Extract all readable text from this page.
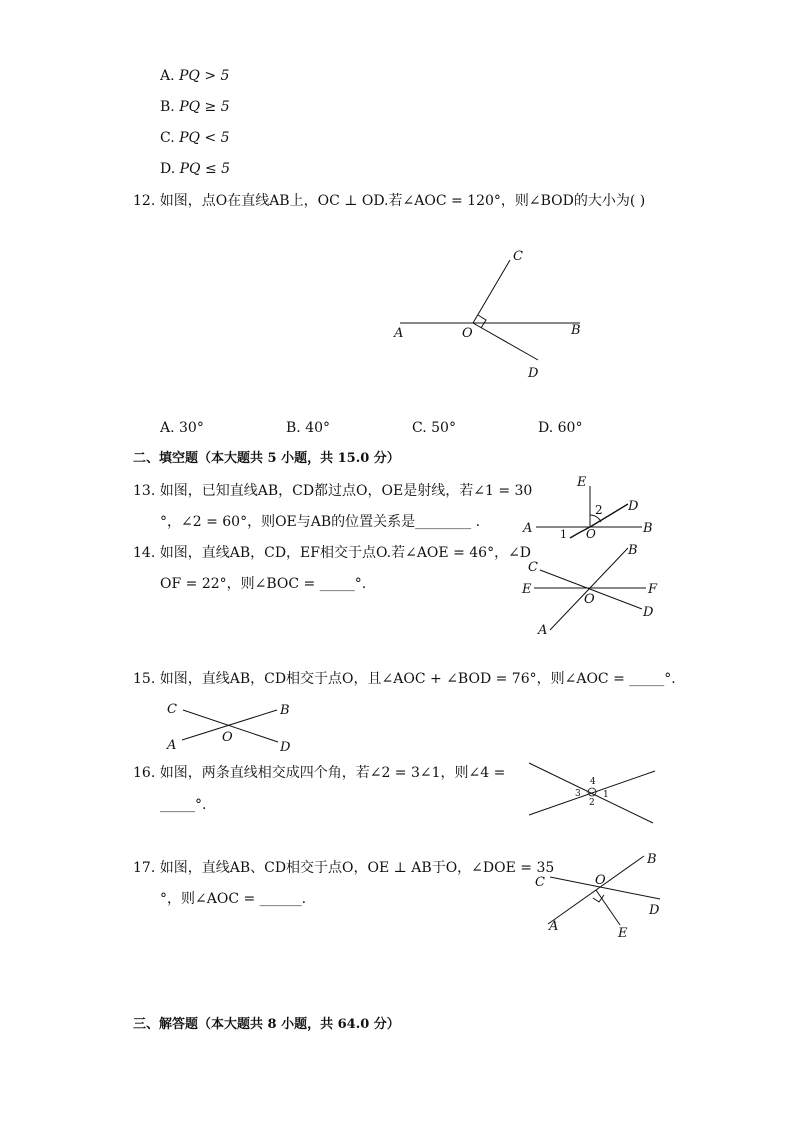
A. PQ > 5
B. PQ ≥ 5
C. PQ < 5
D. PQ ≤ 5
12. 如图，点O在直线AB上，OC ⊥ OD.若∠AOC = 120°，则∠BOD的大小为( )
A	O	B
C
D
A. 30°	B. 40°	C. 50°	D. 60°
二、填空题（本大题共 5 小题，共 15.0 分）
13. 如图，已知直线AB，CD都过点O，OE是射线，若∠1 = 30
°，∠2 = 60°，则OE与AB的位置关系是________ .
E
D
2
A	B
1 O
14. 如图，直线AB，CD，EF相交于点O.若∠AOE = 46°，∠D
OF = 22°，则∠BOC = _____°.
B
C
E	F
O
D
A
15. 如图，直线AB，CD相交于点O，且∠AOC + ∠BOD = 76°，则∠AOC = _____°.
C	B
O
A	D
16. 如图，两条直线相交成四个角，若∠2 = 3∠1，则∠4 =
_____°.
4
3 1
2
17. 如图，直线AB、CD相交于点O，OE ⊥ AB于O，∠DOE = 35
°，则∠AOC = ______.
B
C	O
D
A	E
三、解答题（本大题共 8 小题，共 64.0 分）
